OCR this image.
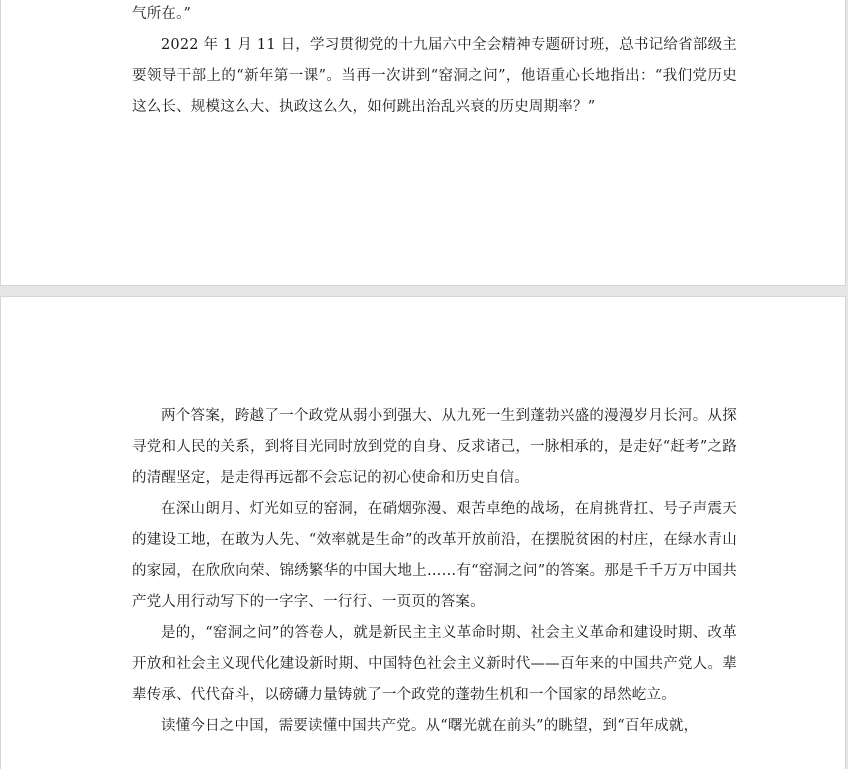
气所在。”

2022 年 1 月 11 日，学习贯彻党的十九届六中全会精神专题研讨班，总书记给省部级主要领导干部上的“新年第一课”。当再一次讲到“窑洞之问”，他语重心长地指出：“我们党历史这么长、规模这么大、执政这么久，如何跳出治乱兴衰的历史周期率？”

两个答案，跨越了一个政党从弱小到强大、从九死一生到蓬勃兴盛的漫漫岁月长河。从探寻党和人民的关系，到将目光同时放到党的自身、反求诸己，一脉相承的，是走好“赶考”之路的清醒坚定，是走得再远都不会忘记的初心使命和历史自信。

在深山朗月、灯光如豆的窑洞，在硝烟弥漫、艰苦卓绝的战场，在肩挑背扛、号子声震天的建设工地，在敢为人先、“效率就是生命”的改革开放前沿，在摆脱贫困的村庄，在绿水青山的家园，在欣欣向荣、锦绣繁华的中国大地上……有“窑洞之问”的答案。那是千千万万中国共产党人用行动写下的一字字、一行行、一页页的答案。

是的，“窑洞之问”的答卷人，就是新民主主义革命时期、社会主义革命和建设时期、改革开放和社会主义现代化建设新时期、中国特色社会主义新时代——百年来的中国共产党人。辈辈传承、代代奋斗，以磅礴力量铸就了一个政党的蓬勃生机和一个国家的昂然屹立。

读懂今日之中国，需要读懂中国共产党。从“曙光就在前头”的眺望，到“百年成就，
